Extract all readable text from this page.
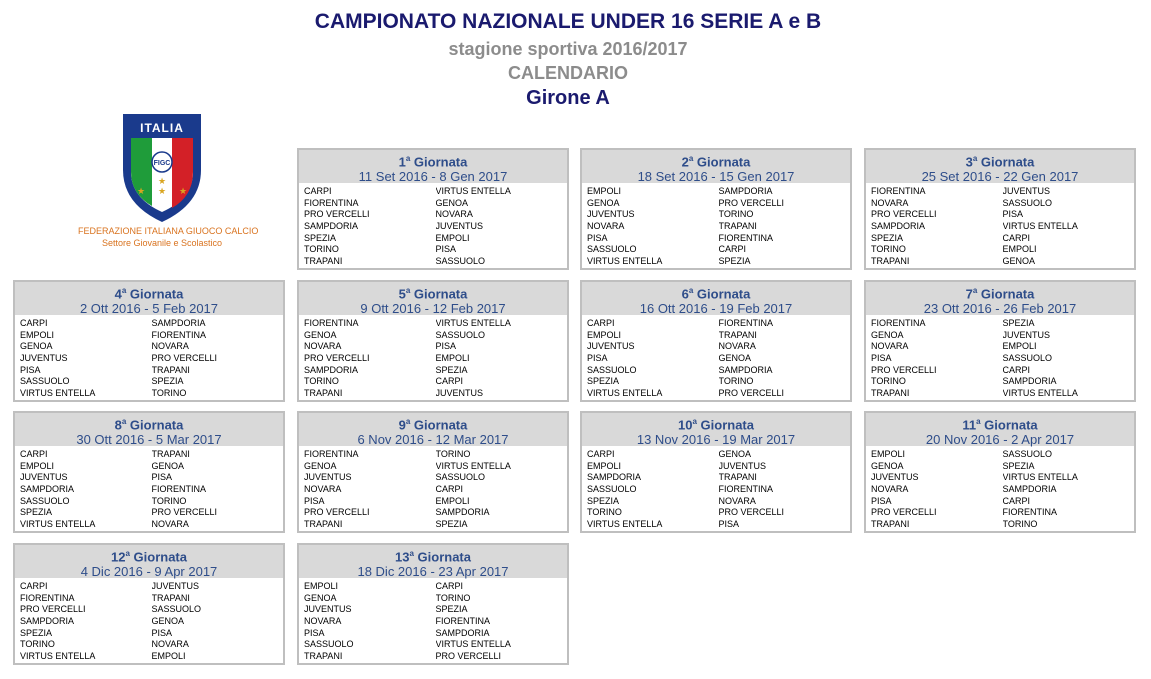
CAMPIONATO NAZIONALE UNDER 16 SERIE A e B
stagione sportiva 2016/2017
CALENDARIO
Girone A
FIGC
ITALIA
★ ★ ★
★
FEDERAZIONE ITALIANA GIUOCO CALCIO
Settore Giovanile e Scolastico
1$^a$ Giornata
11 Set 2016 - 8 Gen 2017
CARPI	VIRTUS ENTELLA
FIORENTINA	GENOA
PRO VERCELLI	NOVARA
SAMPDORIA	JUVENTUS
SPEZIA	EMPOLI
TORINO	PISA
TRAPANI	SASSUOLO
2$^a$ Giornata
18 Set 2016 - 15 Gen 2017
EMPOLI	SAMPDORIA
GENOA	PRO VERCELLI
JUVENTUS	TORINO
NOVARA	TRAPANI
PISA	FIORENTINA
SASSUOLO	CARPI
VIRTUS ENTELLA	SPEZIA
3$^a$ Giornata
25 Set 2016 - 22 Gen 2017
FIORENTINA	JUVENTUS
NOVARA	SASSUOLO
PRO VERCELLI	PISA
SAMPDORIA	VIRTUS ENTELLA
SPEZIA	CARPI
TORINO	EMPOLI
TRAPANI	GENOA
4$^a$ Giornata
2 Ott 2016 - 5 Feb 2017
CARPI	SAMPDORIA
EMPOLI	FIORENTINA
GENOA	NOVARA
JUVENTUS	PRO VERCELLI
PISA	TRAPANI
SASSUOLO	SPEZIA
VIRTUS ENTELLA	TORINO
5$^a$ Giornata
9 Ott 2016 - 12 Feb 2017
FIORENTINA	VIRTUS ENTELLA
GENOA	SASSUOLO
NOVARA	PISA
PRO VERCELLI	EMPOLI
SAMPDORIA	SPEZIA
TORINO	CARPI
TRAPANI	JUVENTUS
6$^a$ Giornata
16 Ott 2016 - 19 Feb 2017
CARPI	FIORENTINA
EMPOLI	TRAPANI
JUVENTUS	NOVARA
PISA	GENOA
SASSUOLO	SAMPDORIA
SPEZIA	TORINO
VIRTUS ENTELLA	PRO VERCELLI
7$^a$ Giornata
23 Ott 2016 - 26 Feb 2017
FIORENTINA	SPEZIA
GENOA	JUVENTUS
NOVARA	EMPOLI
PISA	SASSUOLO
PRO VERCELLI	CARPI
TORINO	SAMPDORIA
TRAPANI	VIRTUS ENTELLA
8$^a$ Giornata
30 Ott 2016 - 5 Mar 2017
CARPI	TRAPANI
EMPOLI	GENOA
JUVENTUS	PISA
SAMPDORIA	FIORENTINA
SASSUOLO	TORINO
SPEZIA	PRO VERCELLI
VIRTUS ENTELLA	NOVARA
9$^a$ Giornata
6 Nov 2016 - 12 Mar 2017
FIORENTINA	TORINO
GENOA	VIRTUS ENTELLA
JUVENTUS	SASSUOLO
NOVARA	CARPI
PISA	EMPOLI
PRO VERCELLI	SAMPDORIA
TRAPANI	SPEZIA
10$^a$ Giornata
13 Nov 2016 - 19 Mar 2017
CARPI	GENOA
EMPOLI	JUVENTUS
SAMPDORIA	TRAPANI
SASSUOLO	FIORENTINA
SPEZIA	NOVARA
TORINO	PRO VERCELLI
VIRTUS ENTELLA	PISA
11$^a$ Giornata
20 Nov 2016 - 2 Apr 2017
EMPOLI	SASSUOLO
GENOA	SPEZIA
JUVENTUS	VIRTUS ENTELLA
NOVARA	SAMPDORIA
PISA	CARPI
PRO VERCELLI	FIORENTINA
TRAPANI	TORINO
12$^a$ Giornata
4 Dic 2016 - 9 Apr 2017
CARPI	JUVENTUS
FIORENTINA	TRAPANI
PRO VERCELLI	SASSUOLO
SAMPDORIA	GENOA
SPEZIA	PISA
TORINO	NOVARA
VIRTUS ENTELLA	EMPOLI
13$^a$ Giornata
18 Dic 2016 - 23 Apr 2017
EMPOLI	CARPI
GENOA	TORINO
JUVENTUS	SPEZIA
NOVARA	FIORENTINA
PISA	SAMPDORIA
SASSUOLO	VIRTUS ENTELLA
TRAPANI	PRO VERCELLI
